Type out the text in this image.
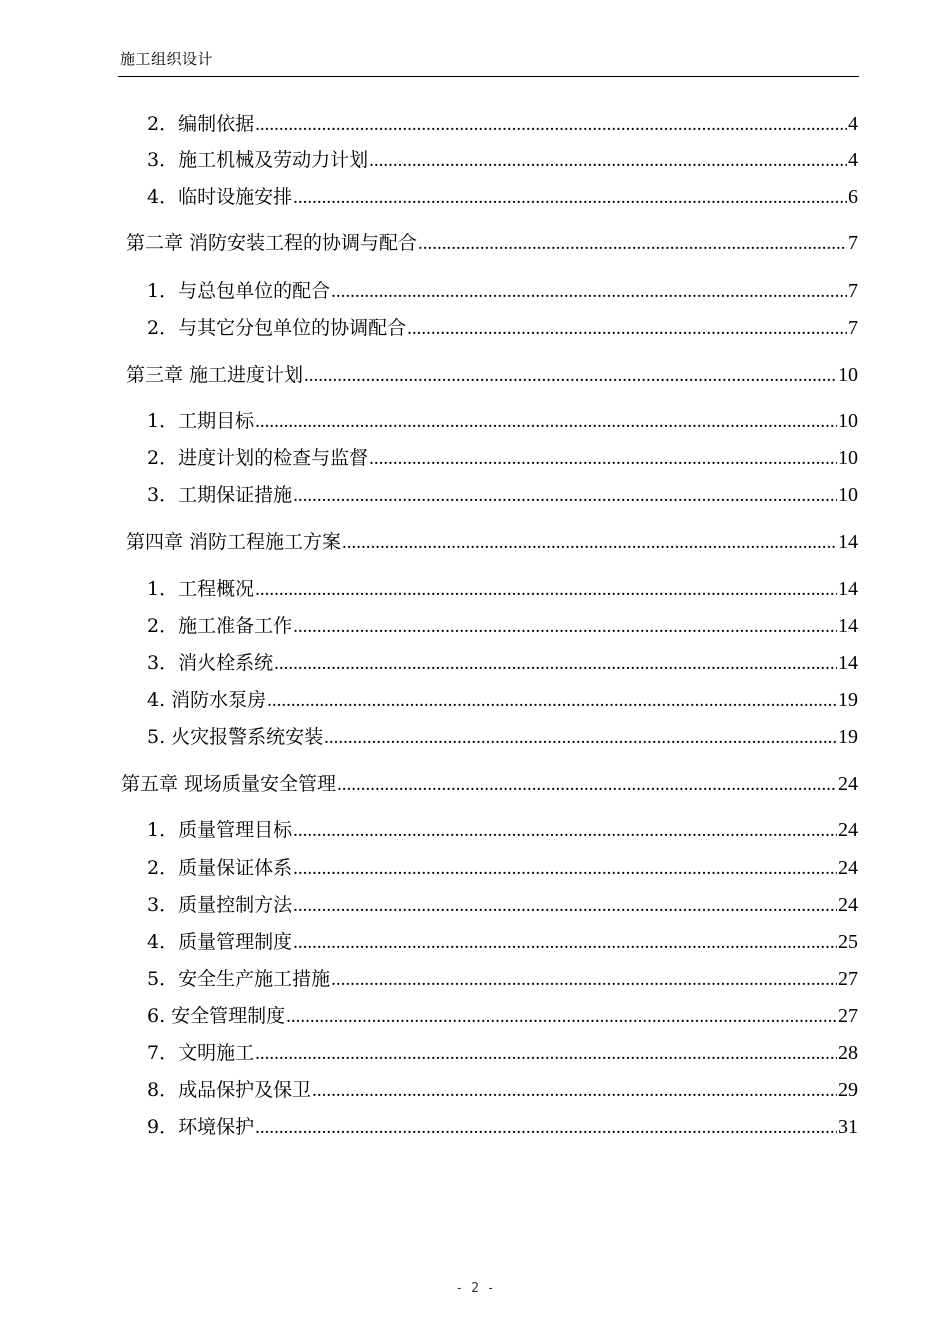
施工组织设计
2．编制依据 .....	4
3．施工机械及劳动力计划 .....	4
4．临时设施安排 .....	6
第二章 消防安装工程的协调与配合 .....	7
1．与总包单位的配合 .....	7
2．与其它分包单位的协调配合 .....	7
第三章 施工进度计划 .....	10
1．工期目标 .....	10
2．进度计划的检查与监督 .....	10
3．工期保证措施 .....	10
第四章 消防工程施工方案 .....	14
1．工程概况 .....	14
2．施工准备工作 .....	14
3．消火栓系统 .....	14
4. 消防水泵房 .....	19
5. 火灾报警系统安装 .....	19
第五章 现场质量安全管理 .....	24
1．质量管理目标 .....	24
2．质量保证体系 .....	24
3．质量控制方法 .....	24
4．质量管理制度 .....	25
5．安全生产施工措施 .....	27
6. 安全管理制度 .....	27
7．文明施工 .....	28
8．成品保护及保卫 .....	29
9．环境保护 .....	31
- 2 -
